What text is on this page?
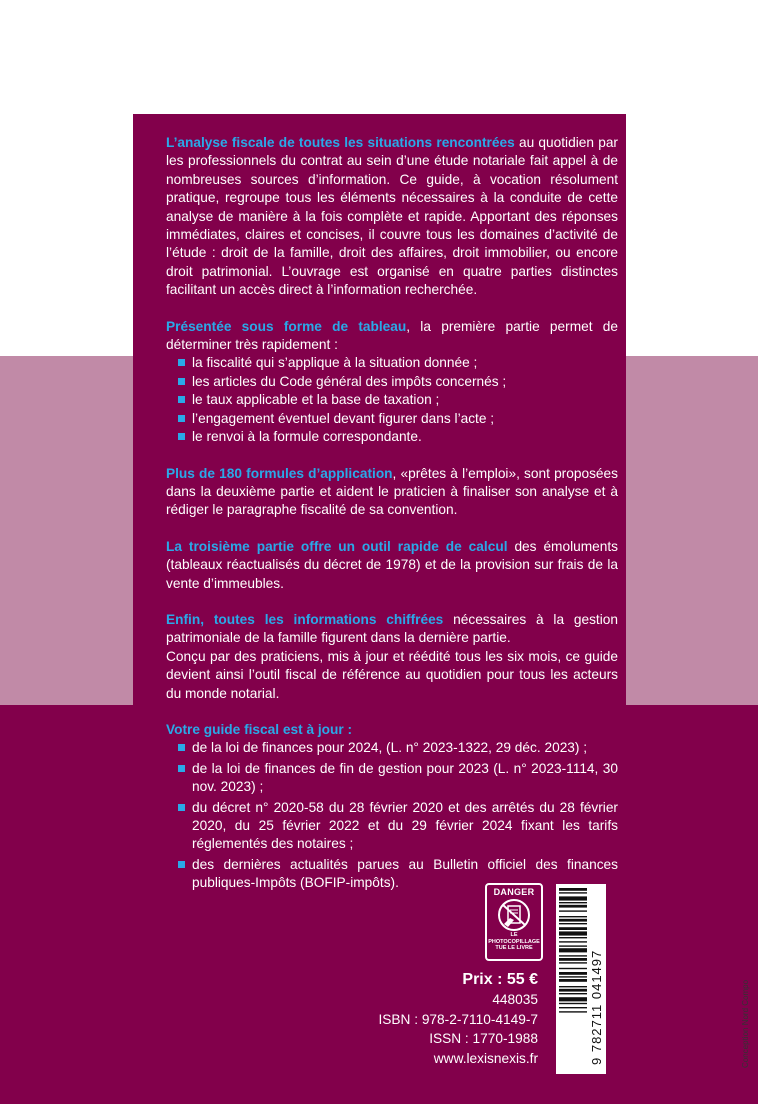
L’analyse fiscale de toutes les situations rencontrées au quotidien par les professionnels du contrat au sein d’une étude notariale fait appel à de nombreuses sources d’information. Ce guide, à vocation résolument pratique, regroupe tous les éléments nécessaires à la conduite de cette analyse de manière à la fois complète et rapide. Apportant des réponses immédiates, claires et concises, il couvre tous les domaines d’activité de l’étude : droit de la famille, droit des affaires, droit immobilier, ou encore droit patrimonial. L’ouvrage est organisé en quatre parties distinctes facilitant un accès direct à l’information recherchée.

Présentée sous forme de tableau, la première partie permet de déterminer très rapidement :

la fiscalité qui s’applique à la situation donnée ;
les articles du Code général des impôts concernés ;
le taux applicable et la base de taxation ;
l’engagement éventuel devant figurer dans l’acte ;
le renvoi à la formule correspondante.

Plus de 180 formules d’application, «prêtes à l’emploi», sont proposées dans la deuxième partie et aident le praticien à finaliser son analyse et à rédiger le paragraphe fiscalité de sa convention.

La troisième partie offre un outil rapide de calcul des émoluments (tableaux réactualisés du décret de 1978) et de la provision sur frais de la vente d’immeubles.

Enfin, toutes les informations chiffrées nécessaires à la gestion patrimoniale de la famille figurent dans la dernière partie.

Conçu par des praticiens, mis à jour et réédité tous les six mois, ce guide devient ainsi l’outil fiscal de référence au quotidien pour tous les acteurs du monde notarial.

Votre guide fiscal est à jour :

de la loi de finances pour 2024, (L. n° 2023-1322, 29 déc. 2023) ;
de la loi de finances de fin de gestion pour 2023 (L. n° 2023-1114, 30 nov. 2023) ;
du décret n° 2020-58 du 28 février 2020 et des arrêtés du 28 février 2020, du 25 février 2022 et du 29 février 2024 fixant les tarifs réglementés des notaires ;
des dernières actualités parues au Bulletin officiel des finances publiques-Impôts (BOFIP-impôts).
DANGER
LE PHOTOCOPILLAGE
TUE LE LIVRE
9 782711 041497
Prix : 55 €
448035
ISBN : 978-2-7110-4149-7
ISSN : 1770-1988
www.lexisnexis.fr	Conception Nord Compo
